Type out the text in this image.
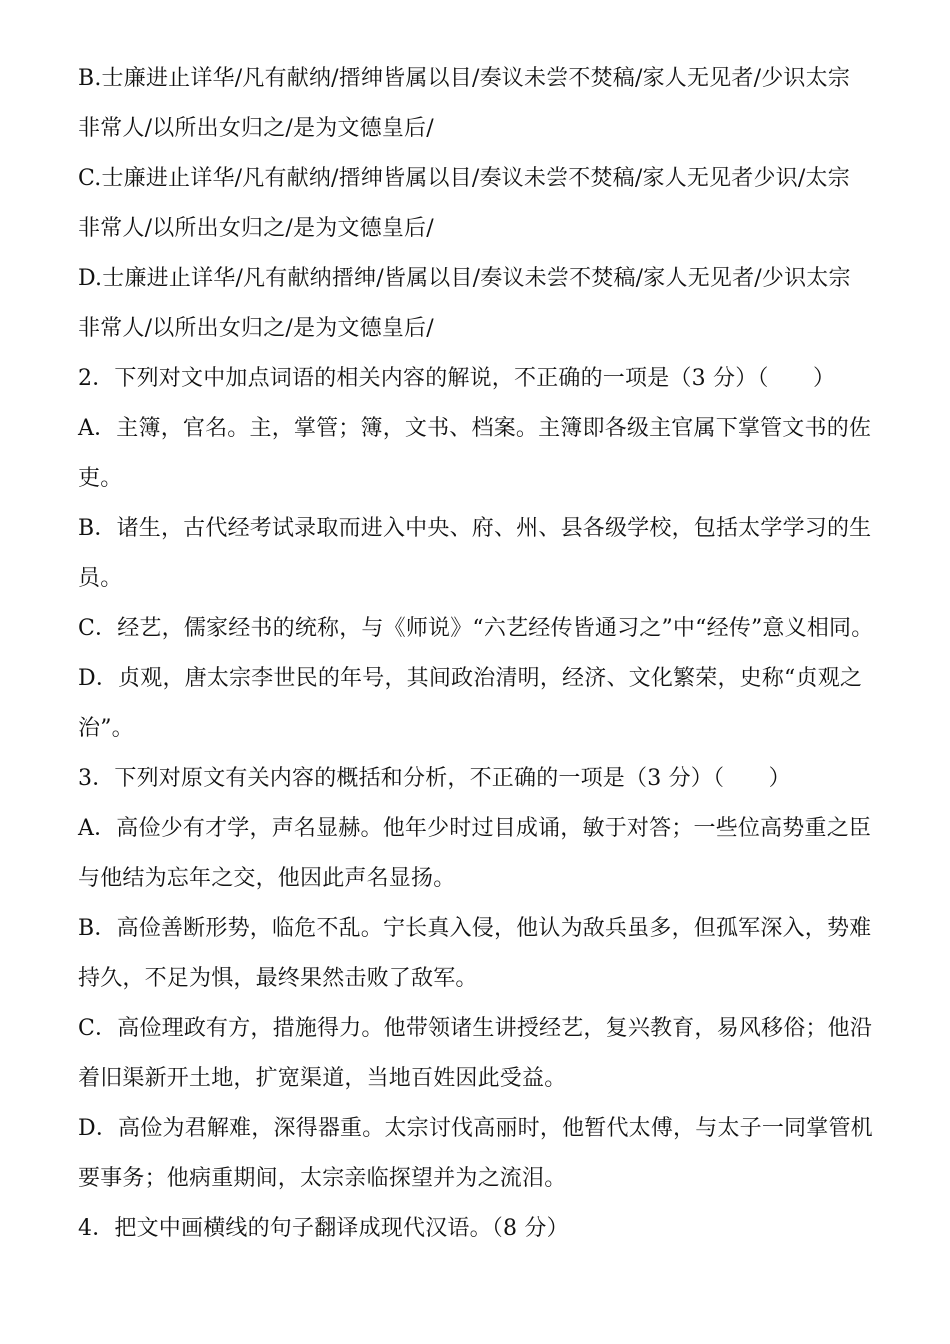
B.士廉进止详华/凡有献纳/搢绅皆属以目/奏议未尝不焚稿/家人无见者/少识太宗
非常人/以所出女归之/是为文德皇后/
C.士廉进止详华/凡有献纳/搢绅皆属以目/奏议未尝不焚稿/家人无见者少识/太宗
非常人/以所出女归之/是为文德皇后/
D.士廉进止详华/凡有献纳搢绅/皆属以目/奏议未尝不焚稿/家人无见者/少识太宗
非常人/以所出女归之/是为文德皇后/
2．下列对文中加点词语的相关内容的解说，不正确的一项是（3 分）（　　）
A．主簿，官名。主，掌管；簿，文书、档案。主簿即各级主官属下掌管文书的佐
吏。
B．诸生，古代经考试录取而进入中央、府、州、县各级学校，包括太学学习的生
员。
C．经艺，儒家经书的统称，与《师说》“六艺经传皆通习之”中“经传”意义相同。
D．贞观，唐太宗李世民的年号，其间政治清明，经济、文化繁荣，史称“贞观之
治”。
3．下列对原文有关内容的概括和分析，不正确的一项是（3 分）（　　）
A．高俭少有才学，声名显赫。他年少时过目成诵，敏于对答；一些位高势重之臣
与他结为忘年之交，他因此声名显扬。
B．高俭善断形势，临危不乱。宁长真入侵，他认为敌兵虽多，但孤军深入，势难
持久，不足为惧，最终果然击败了敌军。
C．高俭理政有方，措施得力。他带领诸生讲授经艺，复兴教育，易风移俗；他沿
着旧渠新开土地，扩宽渠道，当地百姓因此受益。
D．高俭为君解难，深得器重。太宗讨伐高丽时，他暂代太傅，与太子一同掌管机
要事务；他病重期间，太宗亲临探望并为之流泪。
4．把文中画横线的句子翻译成现代汉语。（8 分）
